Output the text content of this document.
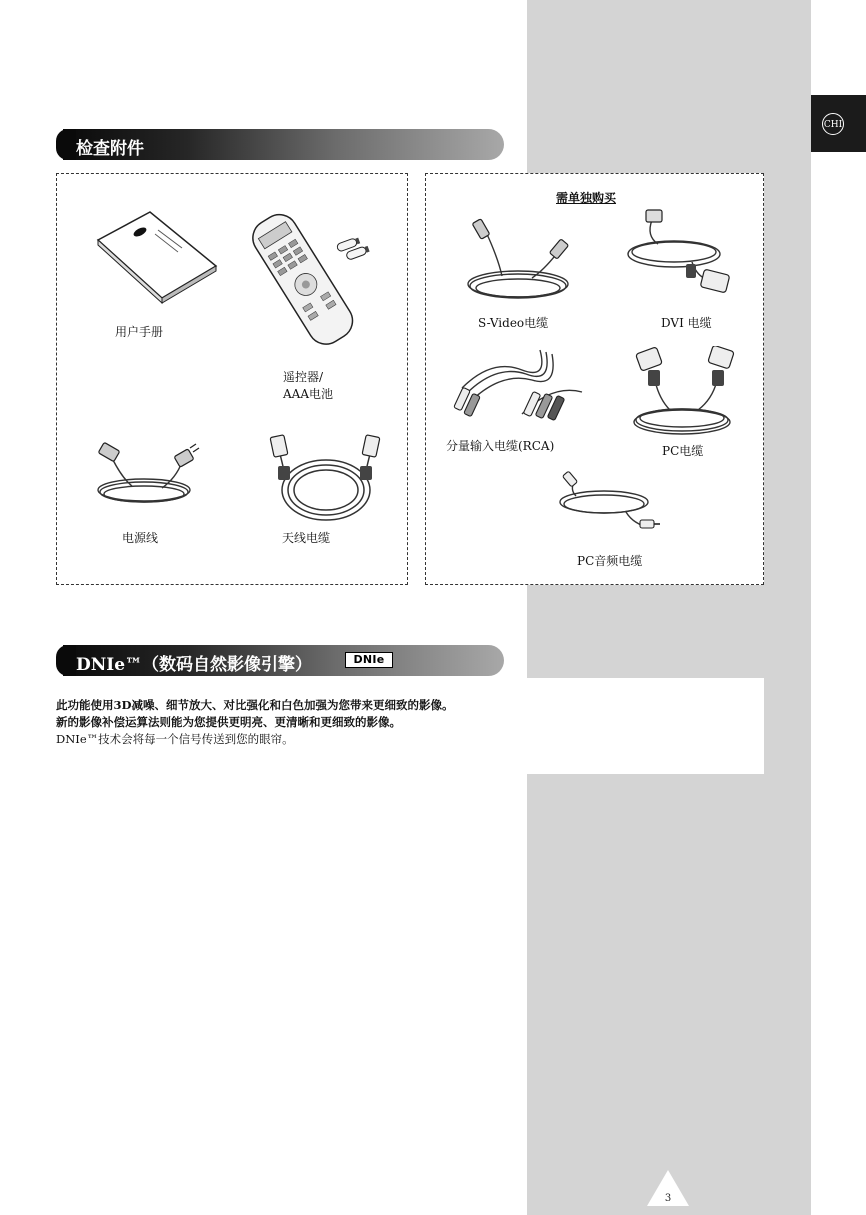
CHI
检查附件
用户手册
遥控器/
AAA电池
电源线	天线电缆
需单独购买
S-Video电缆	DVI 电缆
分量输入电缆(RCA)	PC电缆
PC音频电缆
DNIe™（数码自然影像引擎）	DNIe
此功能使用3D减噪、细节放大、对比强化和白色加强为您带来更细致的影像。
新的影像补偿运算法则能为您提供更明亮、更清晰和更细致的影像。
DNIe™技术会将每一个信号传送到您的眼帘。
3
